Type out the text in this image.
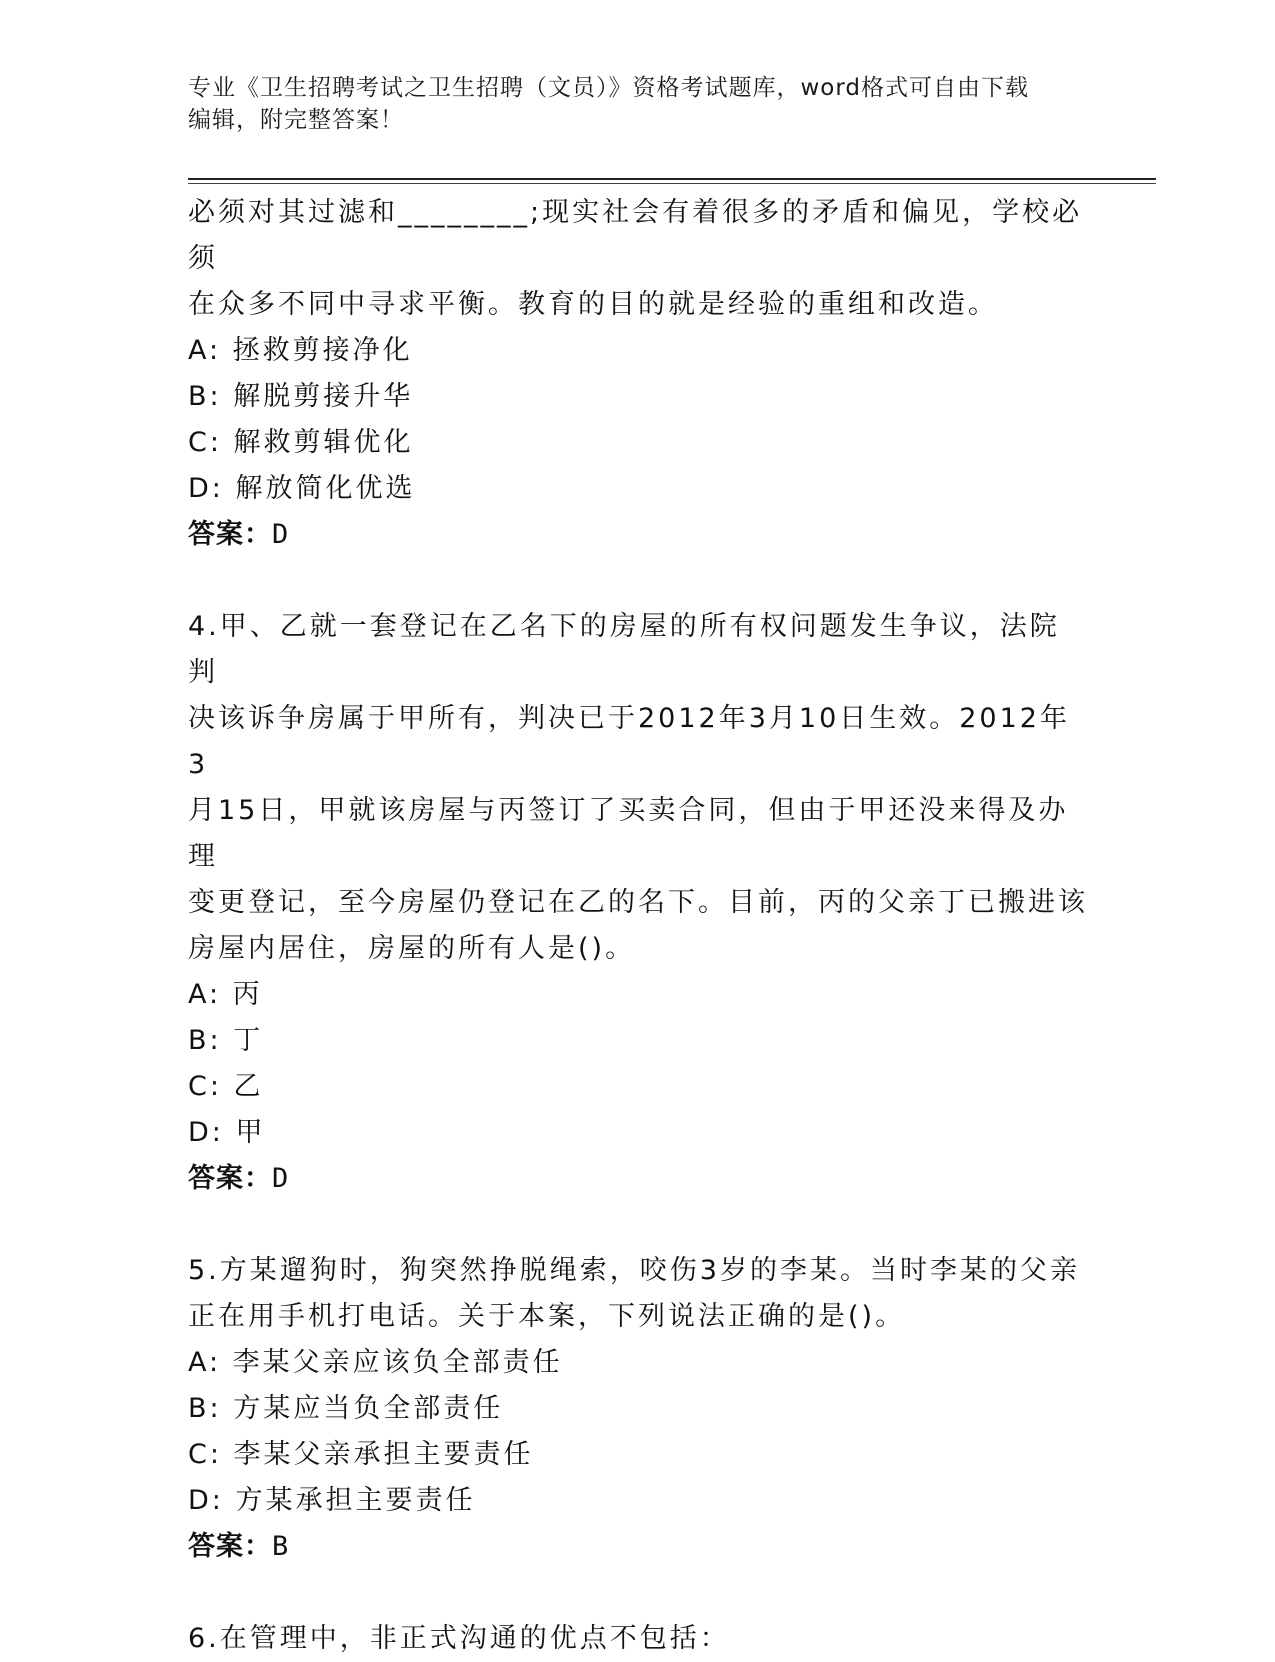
专业《卫生招聘考试之卫生招聘（文员）》资格考试题库，word格式可自由下载
编辑，附完整答案！

必须对其过滤和________;现实社会有着很多的矛盾和偏见，学校必须

在众多不同中寻求平衡。教育的目的就是经验的重组和改造。

A: 拯救剪接净化

B: 解脱剪接升华

C: 解救剪辑优化

D: 解放简化优选

答案：D

4.甲、乙就一套登记在乙名下的房屋的所有权问题发生争议，法院判

决该诉争房属于甲所有，判决已于2012年3月10日生效。2012年3

月15日，甲就该房屋与丙签订了买卖合同，但由于甲还没来得及办理

变更登记，至今房屋仍登记在乙的名下。目前，丙的父亲丁已搬进该

房屋内居住，房屋的所有人是()。

A: 丙

B: 丁

C: 乙

D: 甲

答案：D

5.方某遛狗时，狗突然挣脱绳索，咬伤3岁的李某。当时李某的父亲

正在用手机打电话。关于本案，下列说法正确的是()。

A: 李某父亲应该负全部责任

B: 方某应当负全部责任

C: 李某父亲承担主要责任

D: 方某承担主要责任

答案：B

6.在管理中，非正式沟通的优点不包括：
